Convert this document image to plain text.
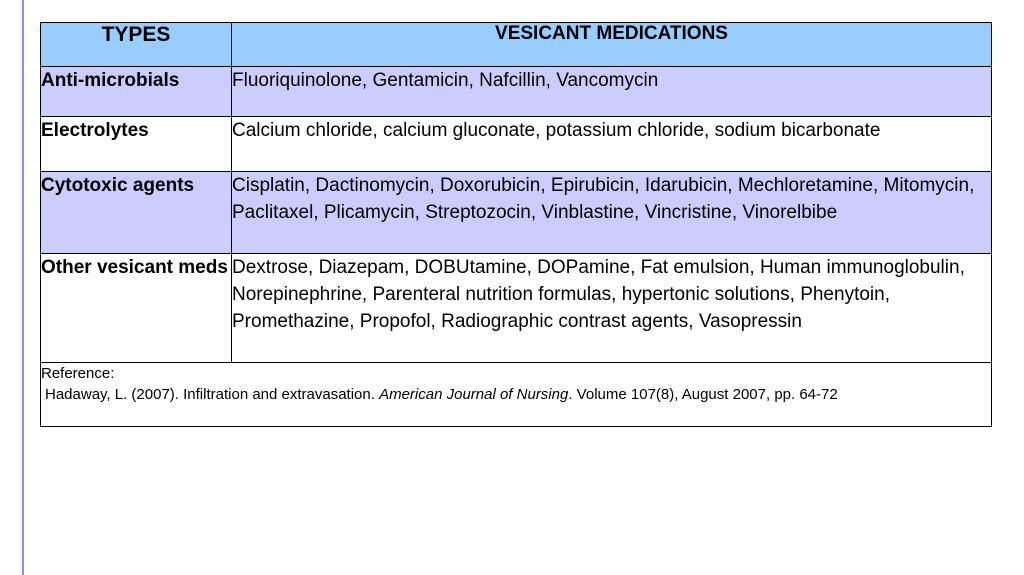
TYPES	VESICANT MEDICATIONS
Anti-microbials	Fluoriquinolone, Gentamicin, Nafcillin, Vancomycin
Electrolytes	Calcium chloride, calcium gluconate, potassium chloride, sodium bicarbonate
Cytotoxic agents	Cisplatin, Dactinomycin, Doxorubicin, Epirubicin, Idarubicin, Mechloretamine, Mitomycin, Paclitaxel, Plicamycin, Streptozocin, Vinblastine, Vincristine, Vinorelbibe
Other vesicant meds	Dextrose, Diazepam, DOBUtamine, DOPamine, Fat emulsion, Human immunoglobulin, Norepinephrine, Parenteral nutrition formulas, hypertonic solutions, Phenytoin, Promethazine, Propofol, Radiographic contrast agents, Vasopressin

Reference:
Hadaway, L. (2007). Infiltration and extravasation. American Journal of Nursing. Volume 107(8), August 2007, pp. 64-72	
